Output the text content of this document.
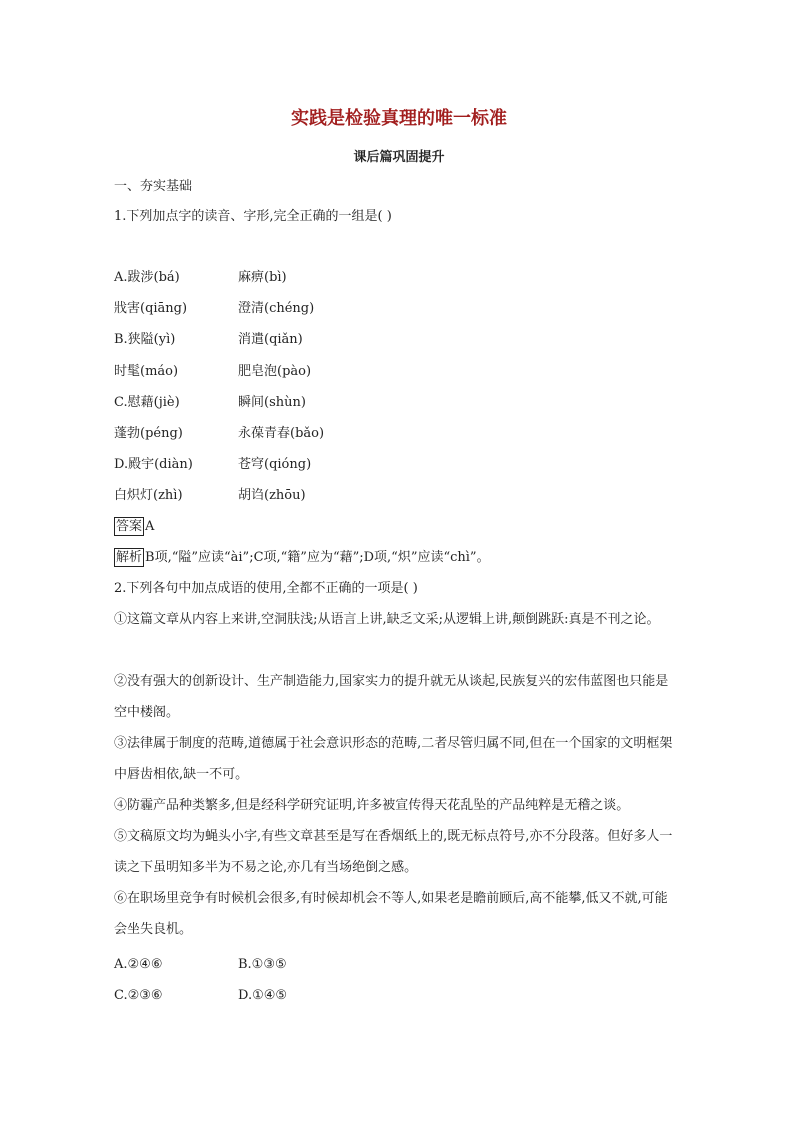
实践是检验真理的唯一标准
课后篇巩固提升
一、夯实基础
1.下列加点字的读音、字形,完全正确的一组是( )
A.跋涉(bá)	麻痹(bì)
戕害(qiāng)	澄清(chéng)
B.狭隘(yì)	消遣(qiǎn)
时髦(máo)	肥皂泡(pào)
C.慰藉(jiè)	瞬间(shùn)
蓬勃(péng)	永葆青春(bǎo)
D.殿宇(diàn)	苍穹(qióng)
白炽灯(zhì)	胡诌(zhōu)
答案 A
解析 B项,“隘”应读“ài”;C项,“籍”应为“藉”;D项,“炽”应读“chì”。
2.下列各句中加点成语的使用,全都不正确的一项是( )
①这篇文章从内容上来讲,空洞肤浅;从语言上讲,缺乏文采;从逻辑上讲,颠倒跳跃:真是不刊之论。
②没有强大的创新设计、生产制造能力,国家实力的提升就无从谈起,民族复兴的宏伟蓝图也只能是空中楼阁。
③法律属于制度的范畴,道德属于社会意识形态的范畴,二者尽管归属不同,但在一个国家的文明框架中唇齿相依,缺一不可。
④防霾产品种类繁多,但是经科学研究证明,许多被宣传得天花乱坠的产品纯粹是无稽之谈。
⑤文稿原文均为蝇头小字,有些文章甚至是写在香烟纸上的,既无标点符号,亦不分段落。但好多人一读之下虽明知多半为不易之论,亦几有当场绝倒之感。
⑥在职场里竞争有时候机会很多,有时候却机会不等人,如果老是瞻前顾后,高不能攀,低又不就,可能会坐失良机。
A.②④⑥	B.①③⑤
C.②③⑥	D.①④⑤
